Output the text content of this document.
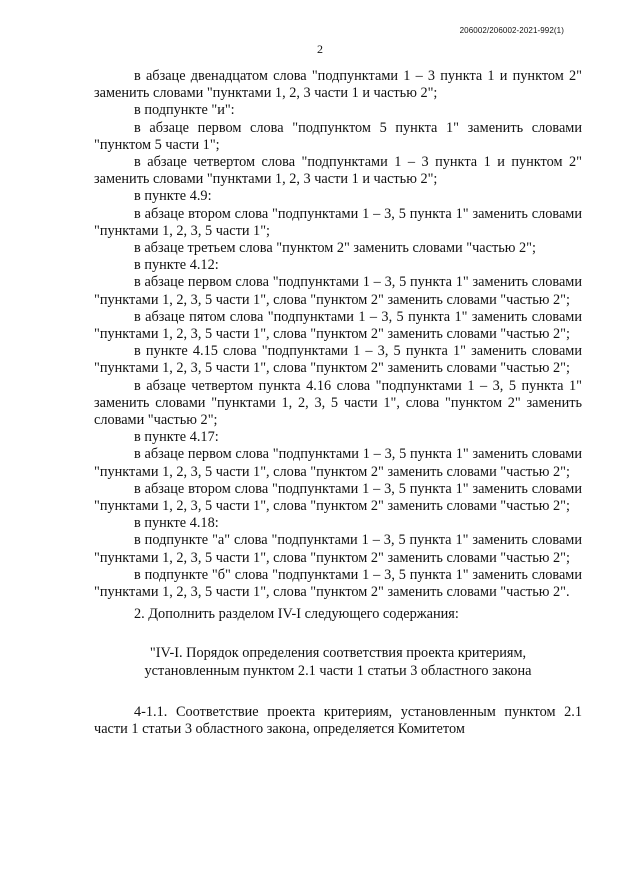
206002/206002-2021-992(1)
2

в абзаце двенадцатом слова "подпунктами 1 – 3 пункта 1 и пунктом 2" заменить словами "пунктами 1, 2, 3 части 1 и частью 2";

в подпункте "и":

в абзаце первом слова "подпунктом 5 пункта 1" заменить словами "пунктом 5 части 1";

в абзаце четвертом слова "подпунктами 1 – 3 пункта 1 и пунктом 2" заменить словами "пунктами 1, 2, 3 части 1 и частью 2";

в пункте 4.9:

в абзаце втором слова "подпунктами 1 – 3, 5 пункта 1" заменить словами "пунктами 1, 2, 3, 5 части 1";

в абзаце третьем слова "пунктом 2" заменить словами "частью 2";

в пункте 4.12:

в абзаце первом слова "подпунктами 1 – 3, 5 пункта 1" заменить словами "пунктами 1, 2, 3, 5 части 1", слова "пунктом 2" заменить словами "частью 2";

в абзаце пятом слова "подпунктами 1 – 3, 5 пункта 1" заменить словами "пунктами 1, 2, 3, 5 части 1", слова "пунктом 2" заменить словами "частью 2";

в пункте 4.15 слова "подпунктами 1 – 3, 5 пункта 1" заменить словами "пунктами 1, 2, 3, 5 части 1", слова "пунктом 2" заменить словами "частью 2";

в абзаце четвертом пункта 4.16 слова "подпунктами 1 – 3, 5 пункта 1" заменить словами "пунктами 1, 2, 3, 5 части 1", слова "пунктом 2" заменить словами "частью 2";

в пункте 4.17:

в абзаце первом слова "подпунктами 1 – 3, 5 пункта 1" заменить словами "пунктами 1, 2, 3, 5 части 1", слова "пунктом 2" заменить словами "частью 2";

в абзаце втором слова "подпунктами 1 – 3, 5 пункта 1" заменить словами "пунктами 1, 2, 3, 5 части 1", слова "пунктом 2" заменить словами "частью 2";

в пункте 4.18:

в подпункте "а" слова "подпунктами 1 – 3, 5 пункта 1" заменить словами "пунктами 1, 2, 3, 5 части 1", слова "пунктом 2" заменить словами "частью 2";

в подпункте "б" слова "подпунктами 1 – 3, 5 пункта 1" заменить словами "пунктами 1, 2, 3, 5 части 1", слова "пунктом 2" заменить словами "частью 2".

2. Дополнить разделом IV-I следующего содержания:

"IV-I. Порядок определения соответствия проекта критериям, установленным пунктом 2.1 части 1 статьи 3 областного закона

4-1.1. Соответствие проекта критериям, установленным пунктом 2.1 части 1 статьи 3 областного закона, определяется Комитетом
